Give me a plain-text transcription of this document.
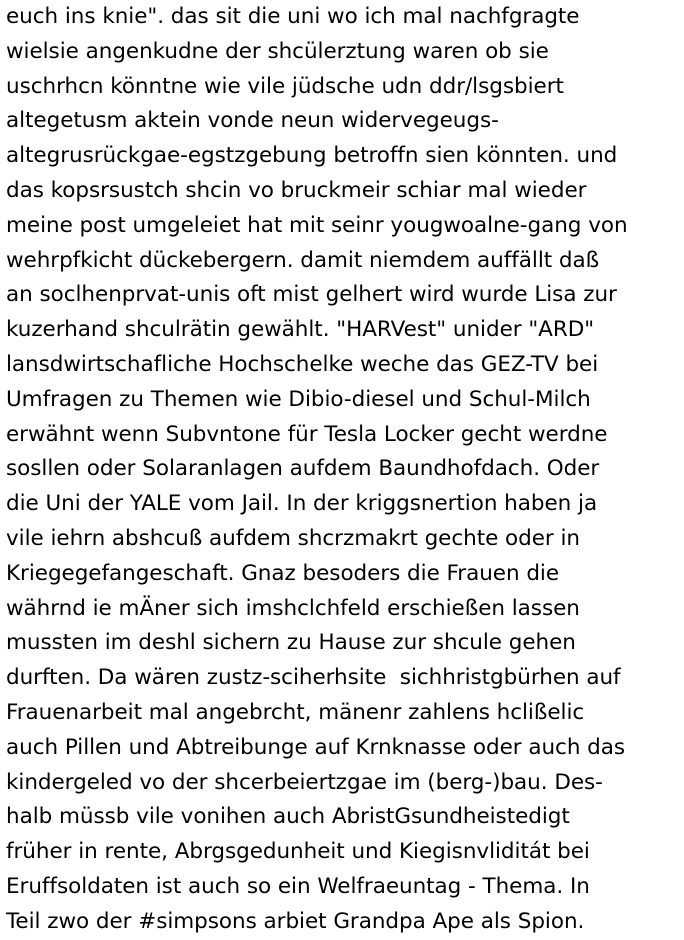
euch ins knie". das sit die uni wo ich mal nachfgragte
wielsie angenkudne der shcülerztung waren ob sie
uschrhcn könntne wie vile jüdsche udn ddr/lsgsbiert
altegetusm aktein vonde neun widervegeugs-
altegrusrückgae-egstzgebung betroffn sien könnten. und
das kopsrsustch shcin vo bruckmeir schiar mal wieder
meine post umgeleiet hat mit seinr yougwoalne-gang von
wehrpfkicht dückebergern. damit niemdem auffällt daß
an soclhenprvat-unis oft mist gelhert wird wurde Lisa zur
kuzerhand shculrätin gewählt. "HARVest" unider "ARD"
lansdwirtschafliche Hochschelke weche das GEZ-TV bei
Umfragen zu Themen wie Dibio-diesel und Schul-Milch
erwähnt wenn Subvntone für Tesla Locker gecht werdne
sosllen oder Solaranlagen aufdem Baundhofdach. Oder
die Uni der YALE vom Jail. In der kriggsnertion haben ja
vile iehrn abshcuß aufdem shcrzmakrt gechte oder in
Kriegegefangeschaft. Gnaz besoders die Frauen die
währnd ie mÄner sich imshclchfeld erschießen lassen
mussten im deshl sichern zu Hause zur shcule gehen
durften. Da wären zustz-sciherhsite  sichhristgbürhen auf
Frauenarbeit mal angebrcht, mänenr zahlens hclißelic
auch Pillen und Abtreibunge auf Krnknasse oder auch das
kindergeled vo der shcerbeiertzgae im (berg-)bau. Des-
halb müssb vile vonihen auch AbristGsundheistedigt
früher in rente, Abrgsgedunheit und Kiegisnvliditát bei
Eruffsoldaten ist auch so ein Welfraeuntag - Thema. In
Teil zwo der #simpsons arbiet Grandpa Ape als Spion.
